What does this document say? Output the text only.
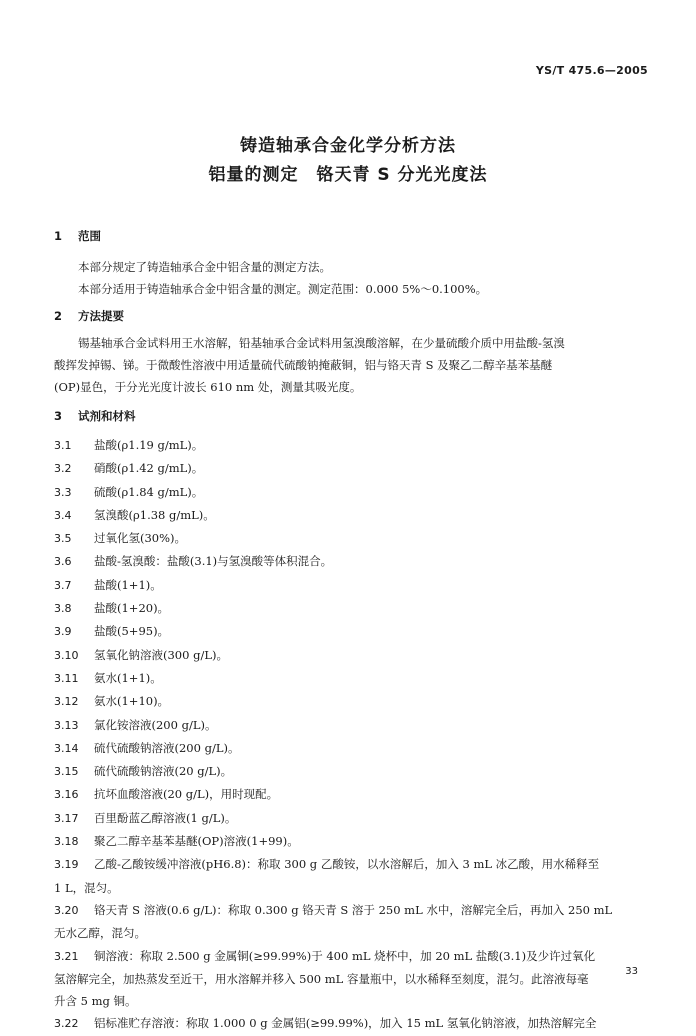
YS/T 475.6—2005
铸造轴承合金化学分析方法
铝量的测定　铬天青 S 分光光度法
1 范围
本部分规定了铸造轴承合金中铝含量的测定方法。
本部分适用于铸造轴承合金中铝含量的测定。测定范围：0.000 5%～0.100%。
2 方法提要
锡基轴承合金试料用王水溶解，铅基轴承合金试料用氢溴酸溶解，在少量硫酸介质中用盐酸-氢溴
酸挥发掉锡、锑。于微酸性溶液中用适量硫代硫酸钠掩蔽铜，铝与铬天青 S 及聚乙二醇辛基苯基醚
(OP)显色，于分光光度计波长 610 nm 处，测量其吸光度。
3 试剂和材料
3.1 盐酸(ρ1.19 g/mL)。
3.2 硝酸(ρ1.42 g/mL)。
3.3 硫酸(ρ1.84 g/mL)。
3.4 氢溴酸(ρ1.38 g/mL)。
3.5 过氧化氢(30%)。
3.6 盐酸-氢溴酸：盐酸(3.1)与氢溴酸等体积混合。
3.7 盐酸(1+1)。
3.8 盐酸(1+20)。
3.9 盐酸(5+95)。
3.10 氢氧化钠溶液(300 g/L)。
3.11 氨水(1+1)。
3.12 氨水(1+10)。
3.13 氯化铵溶液(200 g/L)。
3.14 硫代硫酸钠溶液(200 g/L)。
3.15 硫代硫酸钠溶液(20 g/L)。
3.16 抗坏血酸溶液(20 g/L)，用时现配。
3.17 百里酚蓝乙醇溶液(1 g/L)。
3.18 聚乙二醇辛基苯基醚(OP)溶液(1+99)。
3.19 乙酸-乙酸铵缓冲溶液(pH6.8)：称取 300 g 乙酸铵，以水溶解后，加入 3 mL 冰乙酸，用水稀释至
1 L，混匀。
3.20 铬天青 S 溶液(0.6 g/L)：称取 0.300 g 铬天青 S 溶于 250 mL 水中，溶解完全后，再加入 250 mL
无水乙醇，混匀。
3.21 铜溶液：称取 2.500 g 金属铜(≥99.99%)于 400 mL 烧杯中，加 20 mL 盐酸(3.1)及少许过氧化
氢溶解完全，加热蒸发至近干，用水溶解并移入 500 mL 容量瓶中，以水稀释至刻度，混匀。此溶液每毫
升含 5 mg 铜。
3.22 铝标准贮存溶液：称取 1.000 0 g 金属铝(≥99.99%)，加入 15 mL 氢氧化钠溶液，加热溶解完全
33
